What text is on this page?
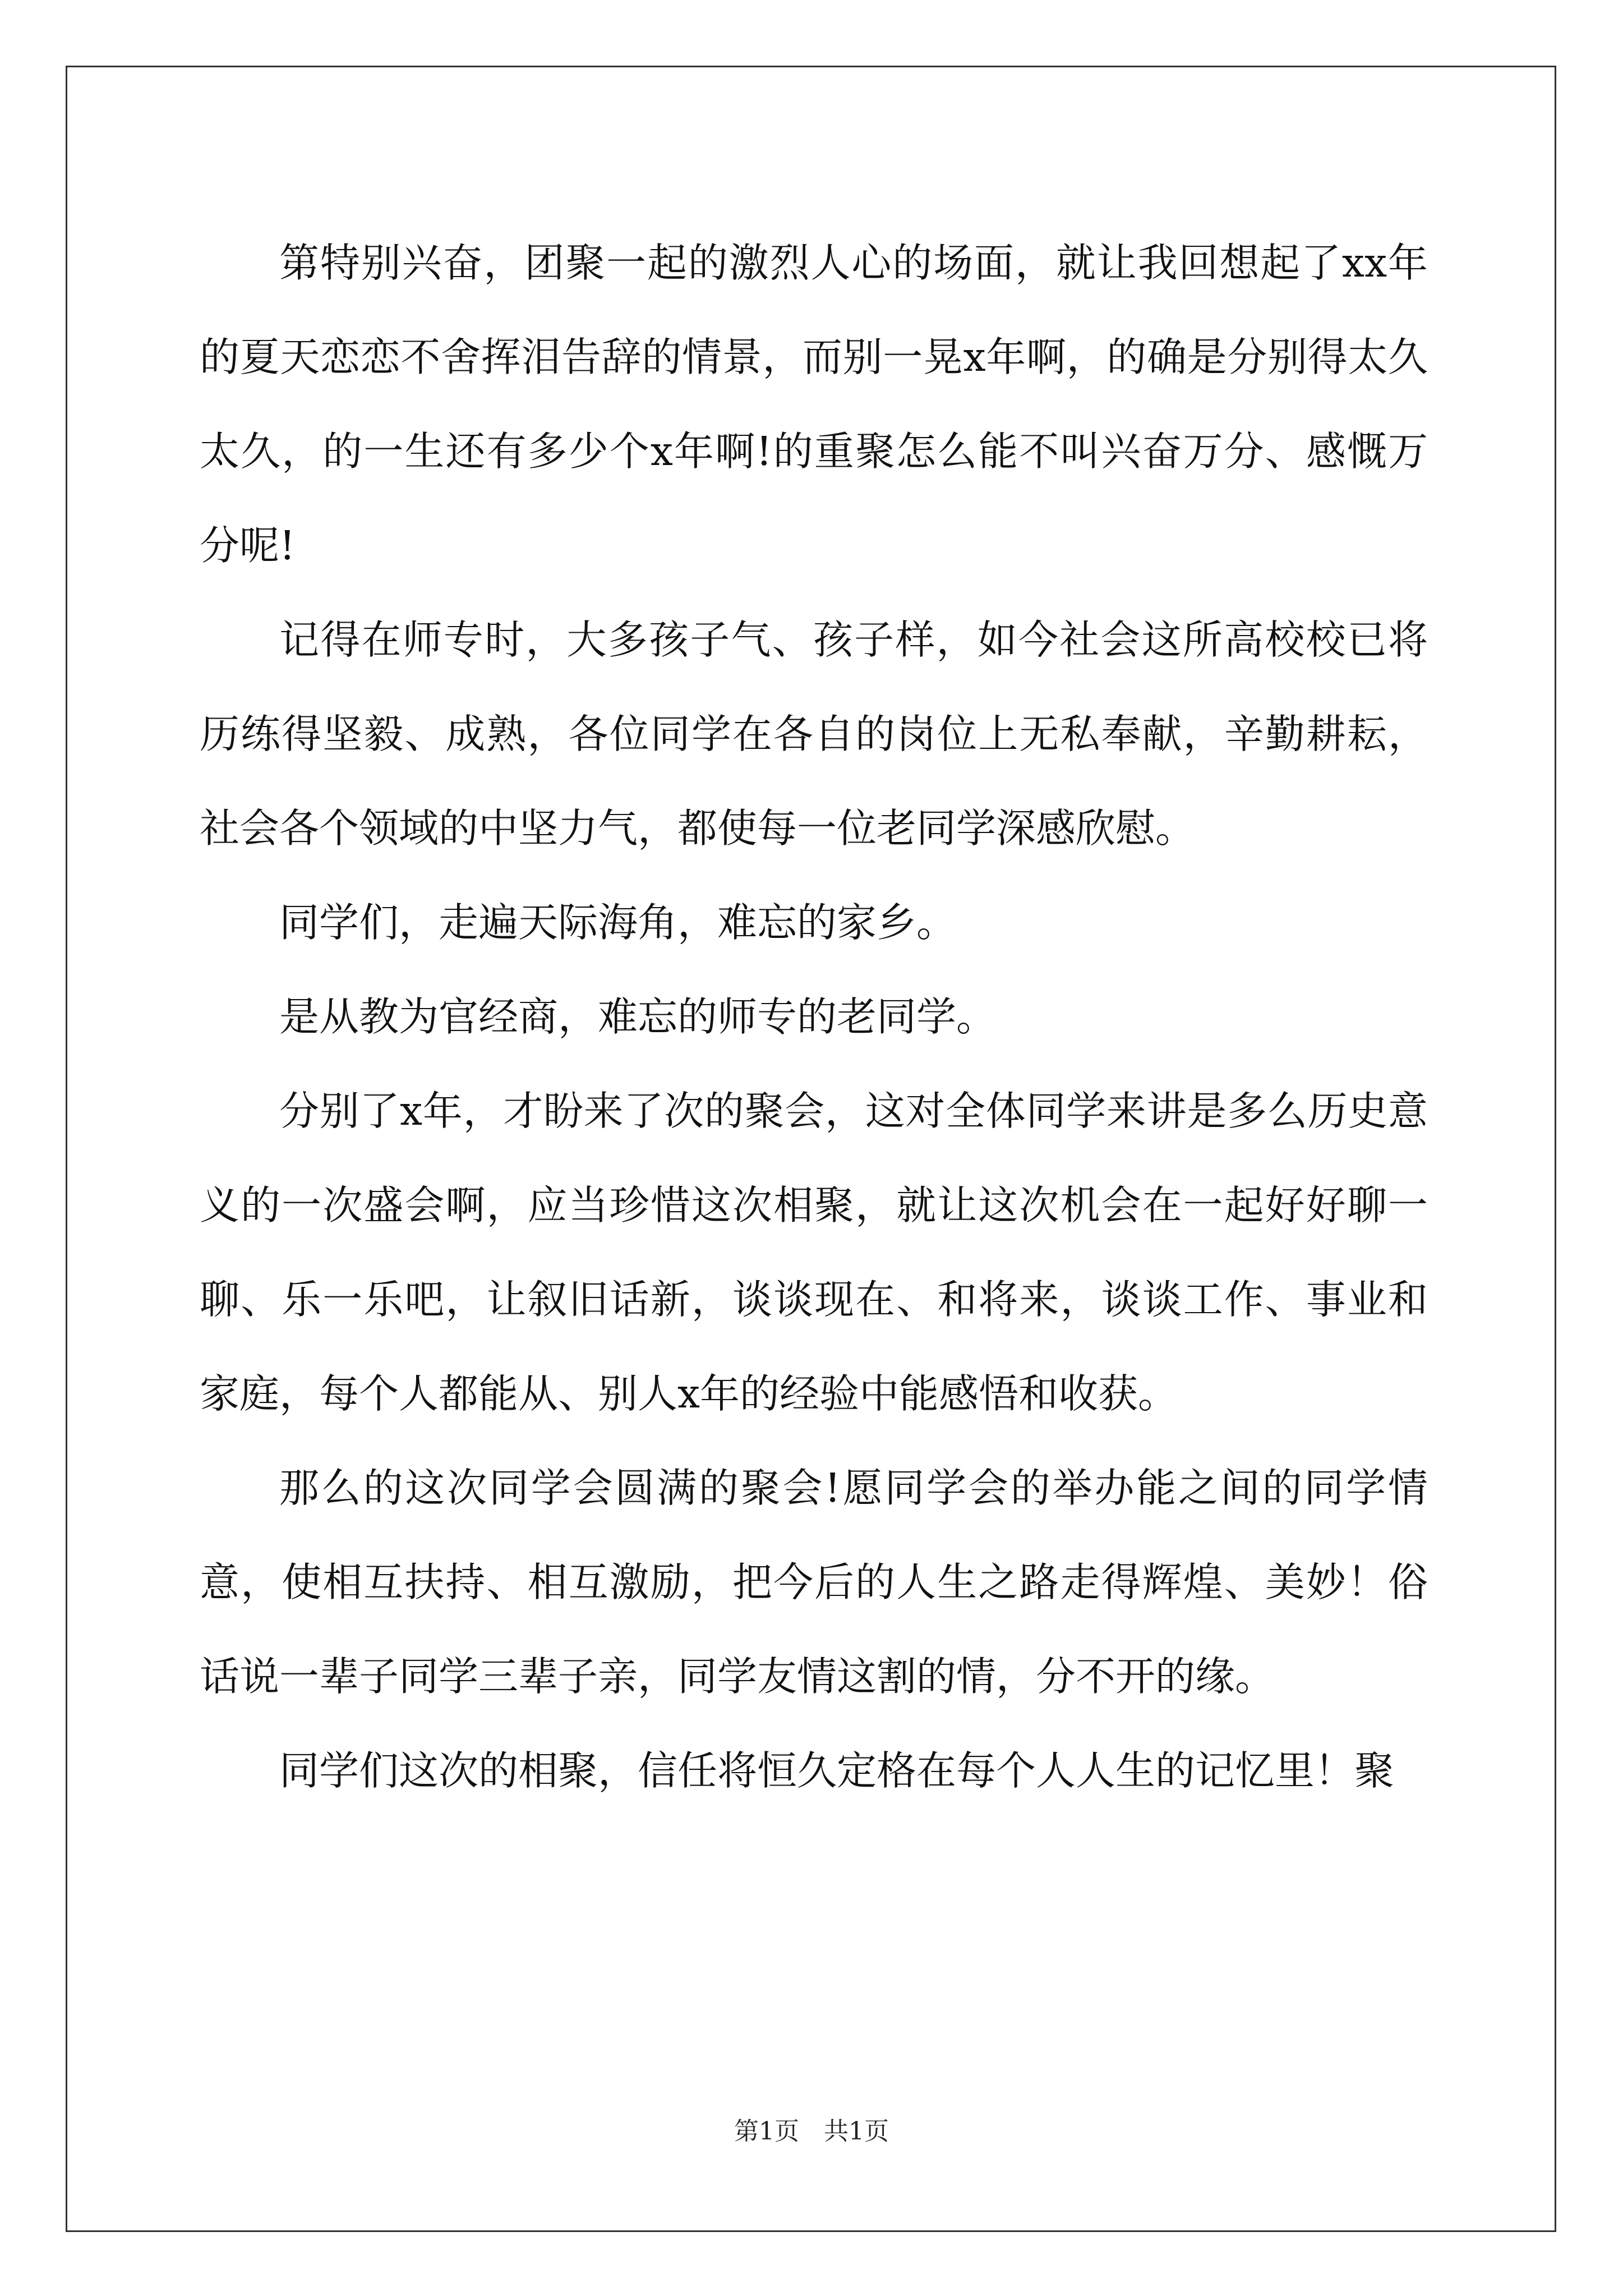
第特别兴奋，团聚一起的激烈人心的场面，就让我回想起了xx年的夏天恋恋不舍挥泪告辞的情景，而别一晃x年啊，的确是分别得太久太久，的一生还有多少个x年啊!的重聚怎么能不叫兴奋万分、感慨万分呢!

记得在师专时，大多孩子气、孩子样，如今社会这所高校校已将历练得坚毅、成熟，各位同学在各自的岗位上无私奉献，辛勤耕耘，社会各个领域的中坚力气，都使每一位老同学深感欣慰。

同学们，走遍天际海角，难忘的家乡。

是从教为官经商，难忘的师专的老同学。

分别了x年，才盼来了次的聚会，这对全体同学来讲是多么历史意义的一次盛会啊，应当珍惜这次相聚，就让这次机会在一起好好聊一聊、乐一乐吧，让叙旧话新，谈谈现在、和将来，谈谈工作、事业和家庭，每个人都能从、别人x年的经验中能感悟和收获。

那么的这次同学会圆满的聚会!愿同学会的举办能之间的同学情意，使相互扶持、相互激励，把今后的人生之路走得辉煌、美妙！俗话说一辈子同学三辈子亲，同学友情这割的情，分不开的缘。

同学们这次的相聚，信任将恒久定格在每个人人生的记忆里！聚

第1页　共1页
